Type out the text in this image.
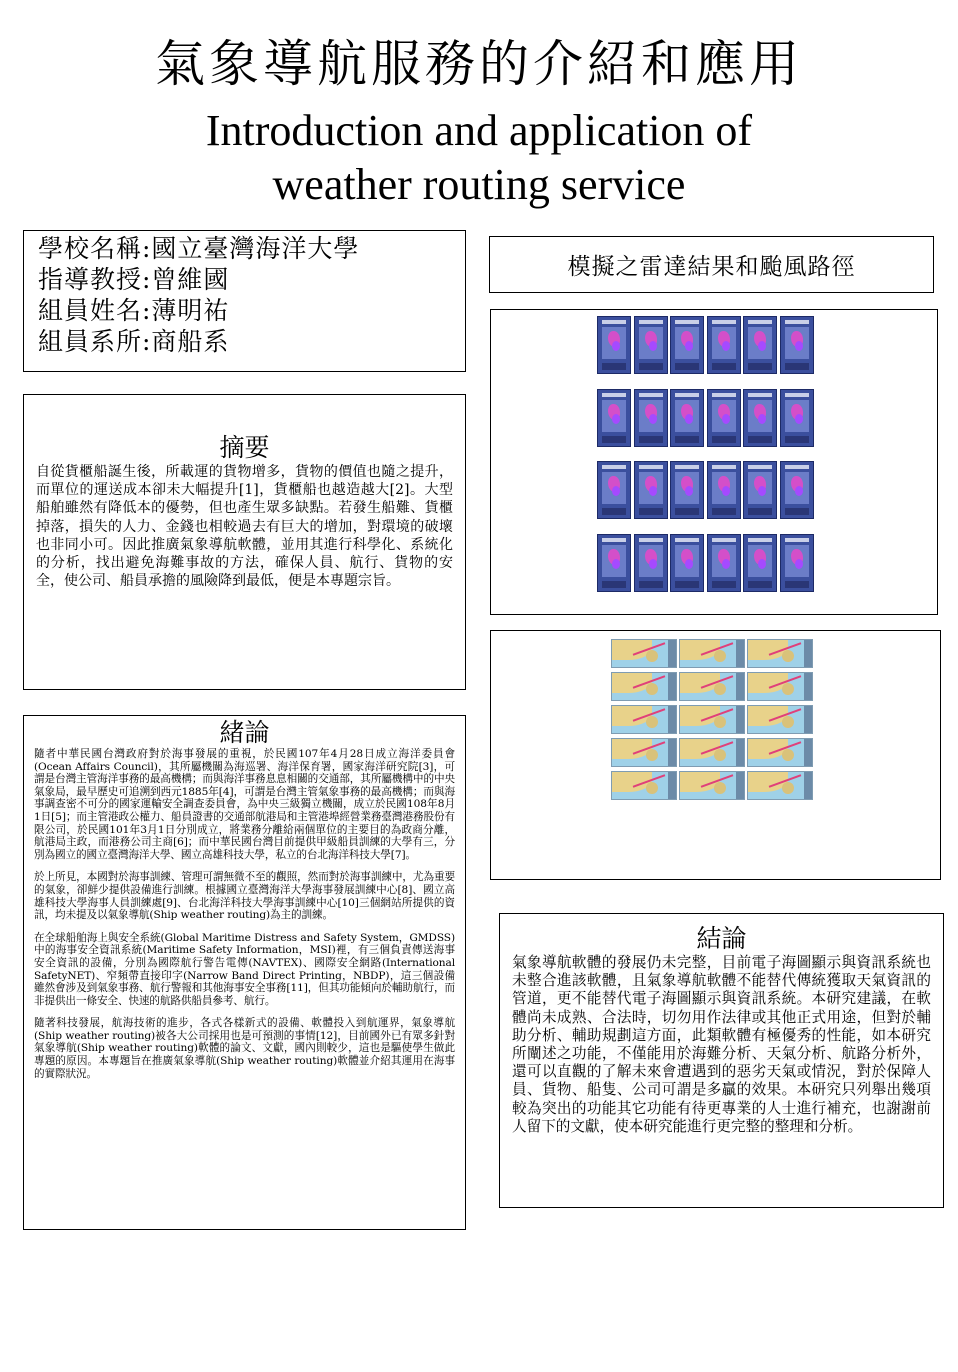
氣象導航服務的介紹和應用
Introduction and application of
weather routing service
學校名稱:國立臺灣海洋大學
指導教授:曾維國
組員姓名:薄明祐
組員系所:商船系
摘要
自從貨櫃船誕生後，所載運的貨物增多，貨物的價值也隨之提升，而單位的運送成本卻未大幅提升[1]，貨櫃船也越造越大[2]。大型船舶雖然有降低本的優勢，但也產生眾多缺點。若發生船難、貨櫃掉落，損失的人力、金錢也相較過去有巨大的增加，對環境的破壞也非同小可。因此推廣氣象導航軟體，並用其進行科學化、系統化的分析，找出避免海難事故的方法，確保人員、航行、貨物的安全，使公司、船員承擔的風險降到最低，便是本專題宗旨。
緒論

隨者中華民國台灣政府對於海事發展的重視，於民國107年4月28日成立海洋委員會(Ocean Affairs Council)，其所屬機關為海巡署、海洋保育署，國家海洋研究院[3]，可謂是台灣主管海洋事務的最高機構；而與海洋事務息息相關的交通部，其所屬機構中的中央氣象局，最早歷史可追溯到西元1885年[4]，可謂是台灣主管氣象事務的最高機構；而與海事調查密不可分的國家運輸安全調查委員會，為中央三級獨立機關，成立於民國108年8月1日[5]；而主管港政公權力、船員證書的交通部航港局和主管港埠經營業務臺灣港務股份有限公司，於民國101年3月1日分別成立，將業務分離給兩個單位的主要目的為政商分離，航港局主政，而港務公司主商[6]；而中華民國台灣目前提供甲級船員訓練的大學有三，分別為國立的國立臺灣海洋大學、國立高雄科技大學，私立的台北海洋科技大學[7]。

於上所見，本國對於海事訓練、管理可謂無微不至的觀照，然而對於海事訓練中，尤為重要的氣象，卻鮮少提供設備進行訓練。根據國立臺灣海洋大學海事發展訓練中心[8]、國立高雄科技大學海事人員訓練處[9]、台北海洋科技大學海事訓練中心[10]三個網站所提供的資訊，均未提及以氣象導航(Ship weather routing)為主的訓練。

在全球船舶海上與安全系統(Global Maritime Distress and Safety System，GMDSS)中的海事安全資訊系統(Maritime Safety Information，MSI)裡，有三個負責傳送海事安全資訊的設備，分別為國際航行警告電傳(NAVTEX)、國際安全網路(International SafetyNET)、窄頻帶直接印字(Narrow Band Direct Printing，NBDP)，這三個設備雖然會涉及到氣象事務、航行警報和其他海事安全事務[11]，但其功能傾向於輔助航行，而非提供出一條安全、快速的航路供船員參考、航行。

隨著科技發展，航海技術的進步，各式各樣新式的設備、軟體投入到航運界，氣象導航(Ship weather routing)被各大公司採用也是可預測的事情[12]，目前國外已有眾多針對氣象導航(Ship weather routing)軟體的論文、文獻，國內則較少，這也是驅使學生做此專題的原因。本專題旨在推廣氣象導航(Ship weather routing)軟體並介紹其運用在海事的實際狀況。

模擬之雷達結果和颱風路徑
結論
氣象導航軟體的發展仍未完整，目前電子海圖顯示與資訊系統也未整合進該軟體，且氣象導航軟體不能替代傳統獲取天氣資訊的管道，更不能替代電子海圖顯示與資訊系統。本研究建議，在軟體尚未成熟、合法時，切勿用作法律或其他正式用途，但對於輔助分析、輔助規劃這方面，此類軟體有極優秀的性能，如本研究所闡述之功能，不僅能用於海難分析、天氣分析、航路分析外，還可以直觀的了解未來會遭遇到的惡劣天氣或情況，對於保障人員、貨物、船隻、公司可謂是多贏的效果。本研究只列舉出幾項較為突出的功能其它功能有待更專業的人士進行補充，也謝謝前人留下的文獻，使本研究能進行更完整的整理和分析。
